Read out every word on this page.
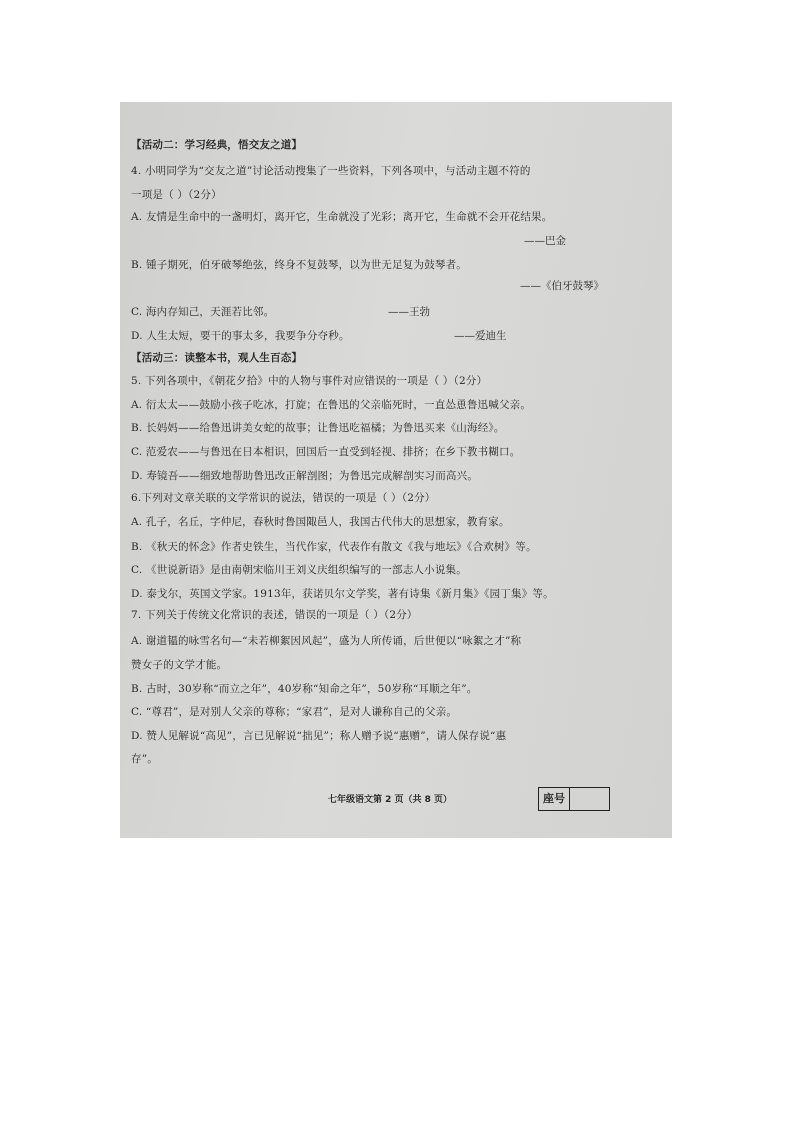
【活动二：学习经典，悟交友之道】
4. 小明同学为“交友之道”讨论活动搜集了一些资料，下列各项中，与活动主题不符的
一项是（ ）（2分）
A. 友情是生命中的一盏明灯，离开它，生命就没了光彩；离开它，生命就不会开花结果。
——巴金
B. 锺子期死，伯牙破琴绝弦，终身不复鼓琴，以为世无足复为鼓琴者。
——《伯牙鼓琴》
C. 海内存知己，天涯若比邻。	——王勃
D. 人生太短，要干的事太多，我要争分夺秒。	——爱迪生
【活动三：读整本书，观人生百态】
5. 下列各项中，《朝花夕拾》中的人物与事件对应错误的一项是（ ）（2分）
A. 衍太太——鼓励小孩子吃冰，打旋；在鲁迅的父亲临死时，一直怂恿鲁迅喊父亲。
B. 长妈妈——给鲁迅讲美女蛇的故事；让鲁迅吃福橘；为鲁迅买来《山海经》。
C. 范爱农——与鲁迅在日本相识，回国后一直受到轻视、排挤；在乡下教书糊口。
D. 寿镜吾——细致地帮助鲁迅改正解剖图；为鲁迅完成解剖实习而高兴。
6.下列对文章关联的文学常识的说法，错误的一项是（ ）（2分）
A. 孔子，名丘，字仲尼，春秋时鲁国陬邑人，我国古代伟大的思想家，教育家。
B. 《秋天的怀念》作者史铁生，当代作家，代表作有散文《我与地坛》《合欢树》等。
C. 《世说新语》是由南朝宋临川王刘义庆组织编写的一部志人小说集。
D. 泰戈尔，英国文学家。1913年，获诺贝尔文学奖，著有诗集《新月集》《园丁集》等。
7. 下列关于传统文化常识的表述，错误的一项是（ ）（2分）
A. 谢道韫的咏雪名句—“未若柳絮因风起”，盛为人所传诵，后世便以“咏絮之才”称
赞女子的文学才能。
B. 古时，30岁称“而立之年”，40岁称“知命之年”，50岁称“耳顺之年”。
C. “尊君”，是对别人父亲的尊称；“家君”，是对人谦称自己的父亲。
D. 赞人见解说“高见”，言已见解说“拙见”；称人赠予说“惠赠”，请人保存说“惠
存”。
七年级语文第 2 页（共 8 页）	座号
